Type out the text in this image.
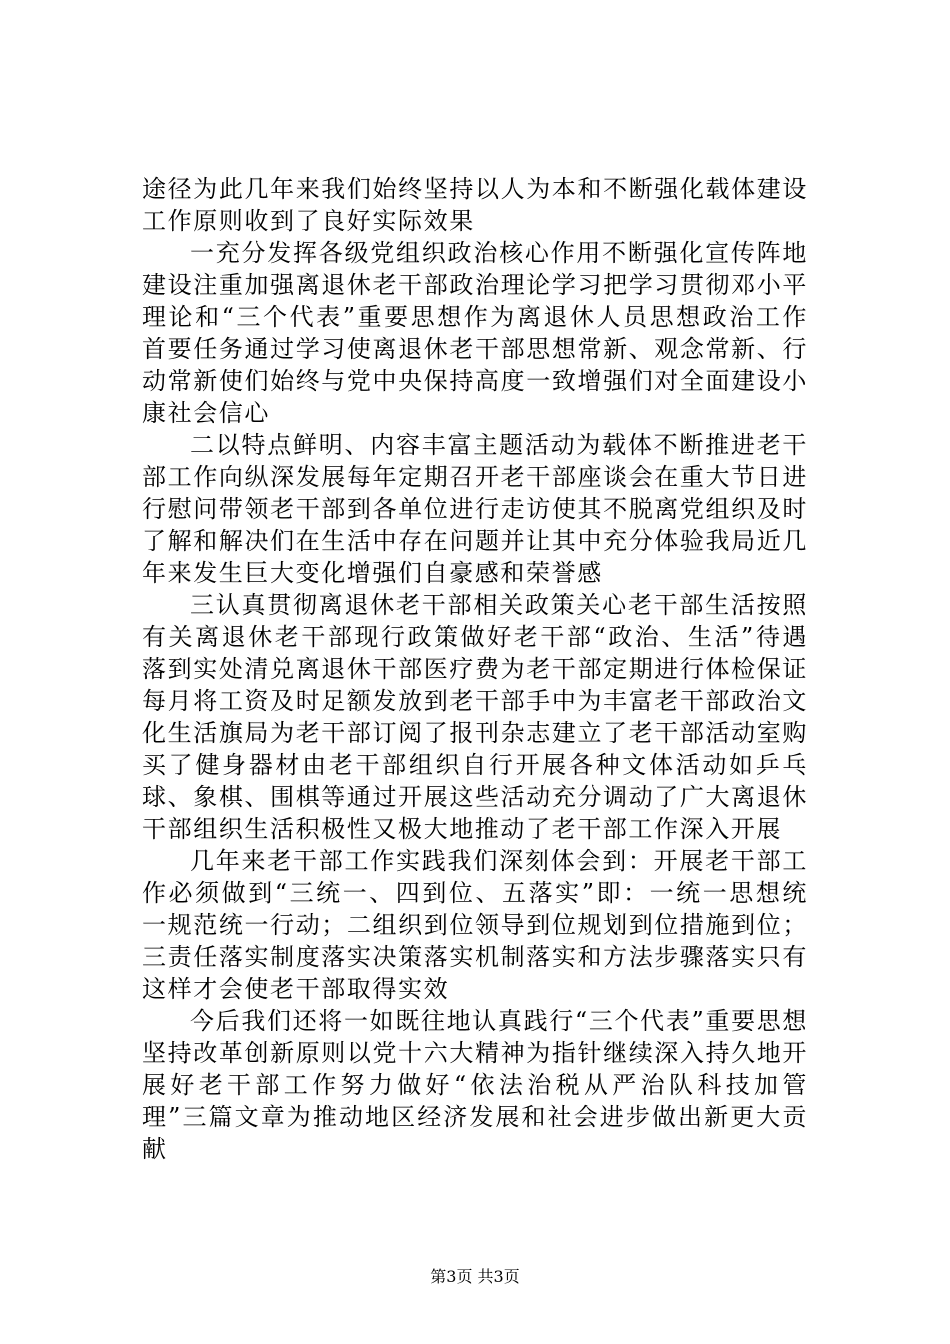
途径为此几年来我们始终坚持以人为本和不断强化载体建设工作原则收到了良好实际效果

一充分发挥各级党组织政治核心作用不断强化宣传阵地建设注重加强离退休老干部政治理论学习把学习贯彻邓小平理论和“三个代表”重要思想作为离退休人员思想政治工作首要任务通过学习使离退休老干部思想常新、观念常新、行动常新使们始终与党中央保持高度一致增强们对全面建设小康社会信心

二以特点鲜明、内容丰富主题活动为载体不断推进老干部工作向纵深发展每年定期召开老干部座谈会在重大节日进行慰问带领老干部到各单位进行走访使其不脱离党组织及时了解和解决们在生活中存在问题并让其中充分体验我局近几年来发生巨大变化增强们自豪感和荣誉感

三认真贯彻离退休老干部相关政策关心老干部生活按照有关离退休老干部现行政策做好老干部“政治、生活”待遇落到实处清兑离退休干部医疗费为老干部定期进行体检保证每月将工资及时足额发放到老干部手中为丰富老干部政治文化生活旗局为老干部订阅了报刊杂志建立了老干部活动室购买了健身器材由老干部组织自行开展各种文体活动如乒乓球、象棋、围棋等通过开展这些活动充分调动了广大离退休干部组织生活积极性又极大地推动了老干部工作深入开展

几年来老干部工作实践我们深刻体会到：开展老干部工作必须做到“三统一、四到位、五落实”即：一统一思想统一规范统一行动；二组织到位领导到位规划到位措施到位；三责任落实制度落实决策落实机制落实和方法步骤落实只有这样才会使老干部取得实效

今后我们还将一如既往地认真践行“三个代表”重要思想坚持改革创新原则以党十六大精神为指针继续深入持久地开展好老干部工作努力做好“依法治税从严治队科技加管理”三篇文章为推动地区经济发展和社会进步做出新更大贡献

第3页 共3页
